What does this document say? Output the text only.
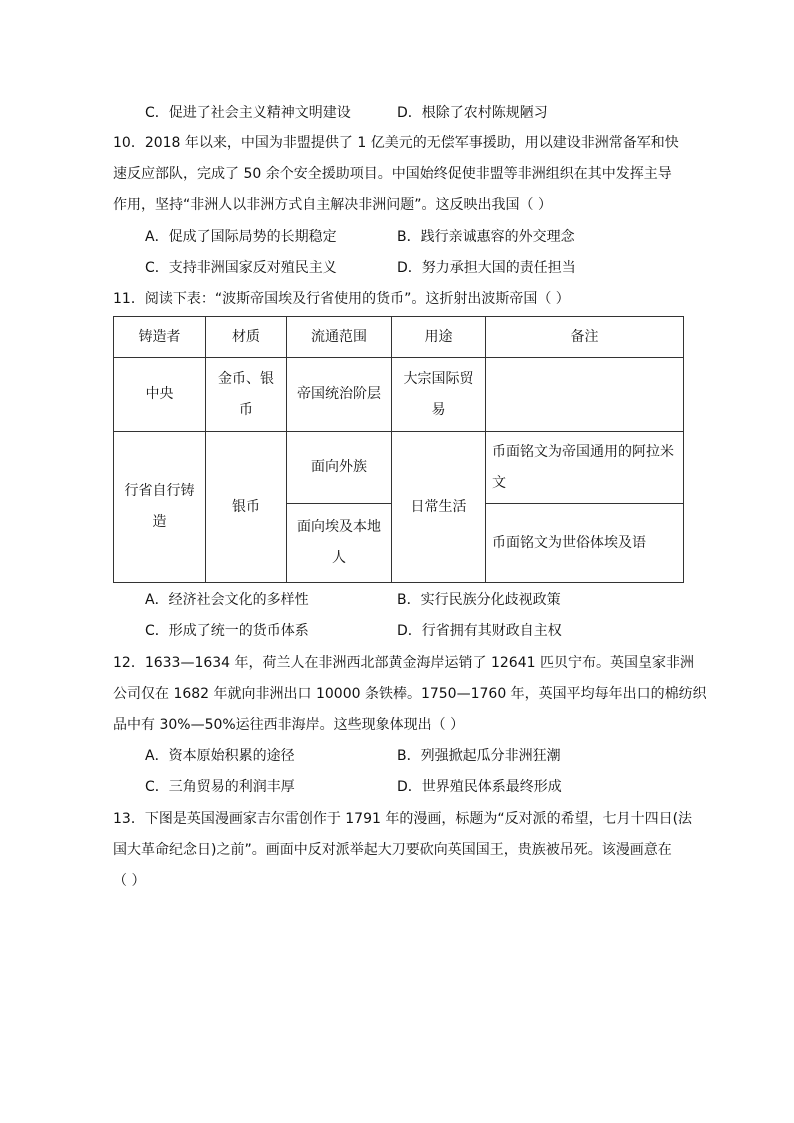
C．促进了社会主义精神文明建设	D．根除了农村陈规陋习
10．2018 年以来，中国为非盟提供了 1 亿美元的无偿军事援助，用以建设非洲常备军和快
速反应部队，完成了 50 余个安全援助项目。中国始终促使非盟等非洲组织在其中发挥主导
作用，坚持“非洲人以非洲方式自主解决非洲问题”。这反映出我国（ ）
A．促成了国际局势的长期稳定	B．践行亲诚惠容的外交理念
C．支持非洲国家反对殖民主义	D．努力承担大国的责任担当
11．阅读下表：“波斯帝国埃及行省使用的货币”。这折射出波斯帝国（ ）
铸造者	材质	流通范围	用途	备注
中央	金币、银币	帝国统治阶层	大宗国际贸易	
行省自行铸造	银币	面向外族	日常生活	币面铭文为帝国通用的阿拉米文
		面向埃及本地人		币面铭文为世俗体埃及语
A．经济社会文化的多样性	B．实行民族分化歧视政策
C．形成了统一的货币体系	D．行省拥有其财政自主权
12．1633—1634 年，荷兰人在非洲西北部黄金海岸运销了 12641 匹贝宁布。英国皇家非洲
公司仅在 1682 年就向非洲出口 10000 条铁棒。1750—1760 年，英国平均每年出口的棉纺织
品中有 30%—50%运往西非海岸。这些现象体现出（ ）
A．资本原始积累的途径	B．列强掀起瓜分非洲狂潮
C．三角贸易的利润丰厚	D．世界殖民体系最终形成
13．下图是英国漫画家吉尔雷创作于 1791 年的漫画，标题为“反对派的希望，七月十四日(法
国大革命纪念日)之前”。画面中反对派举起大刀要砍向英国国王，贵族被吊死。该漫画意在
（ ）
